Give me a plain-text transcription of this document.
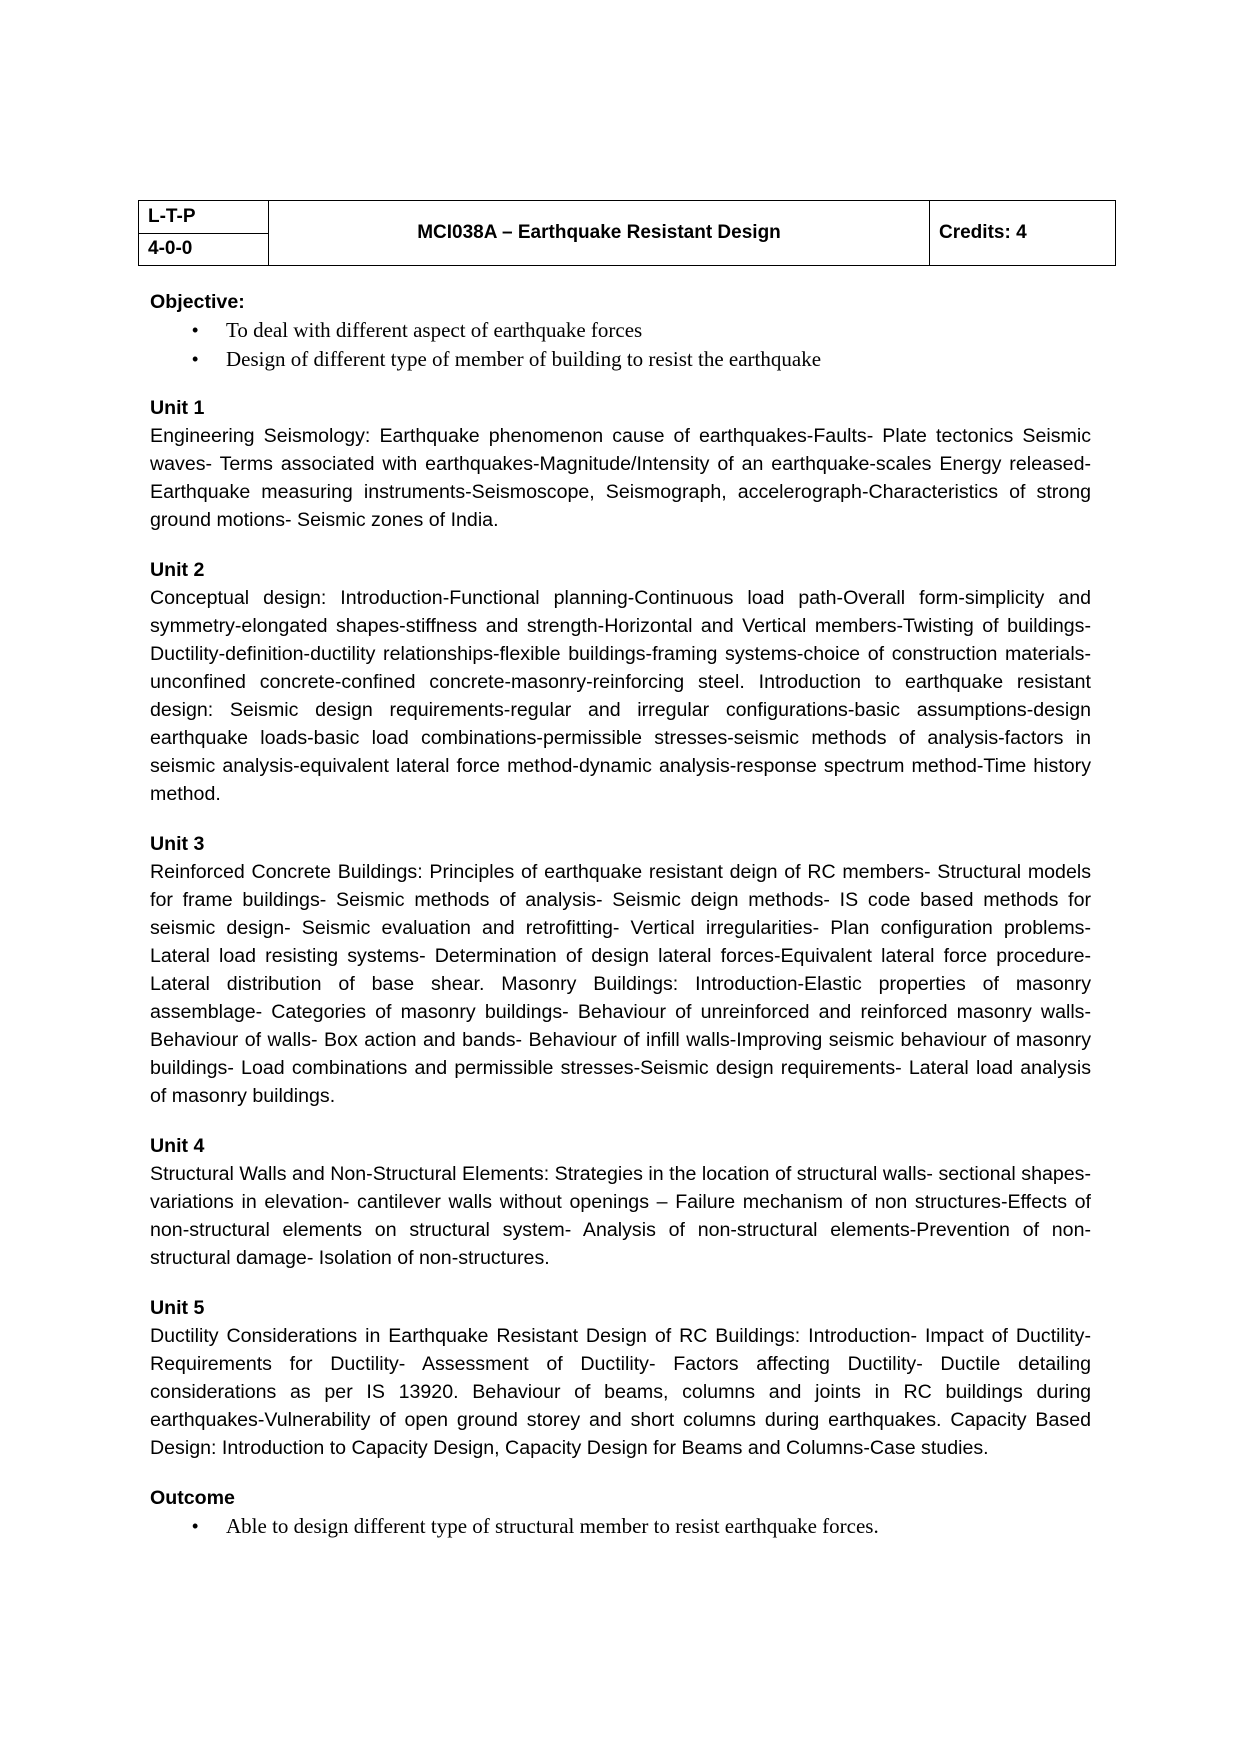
L-T-P	MCI038A – Earthquake Resistant Design	Credits: 4
4-0-0

Objective:

• To deal with different aspect of earthquake forces
• Design of different type of member of building to resist the earthquake

Unit 1

Engineering Seismology: Earthquake phenomenon cause of earthquakes-Faults- Plate tectonics Seismic waves- Terms associated with earthquakes-Magnitude/Intensity of an earthquake-scales Energy released-Earthquake measuring instruments-Seismoscope, Seismograph, accelerograph-Characteristics of strong ground motions- Seismic zones of India.

Unit 2

Conceptual design: Introduction-Functional planning-Continuous load path-Overall form-simplicity and symmetry-elongated shapes-stiffness and strength-Horizontal and Vertical members-Twisting of buildings-Ductility-definition-ductility relationships-flexible buildings-framing systems-choice of construction materials-unconfined concrete-confined concrete-masonry-reinforcing steel. Introduction to earthquake resistant design: Seismic design requirements-regular and irregular configurations-basic assumptions-design earthquake loads-basic load combinations-permissible stresses-seismic methods of analysis-factors in seismic analysis-equivalent lateral force method-dynamic analysis-response spectrum method-Time history method.

Unit 3

Reinforced Concrete Buildings: Principles of earthquake resistant deign of RC members- Structural models for frame buildings- Seismic methods of analysis- Seismic deign methods- IS code based methods for seismic design- Seismic evaluation and retrofitting- Vertical irregularities- Plan configuration problems- Lateral load resisting systems- Determination of design lateral forces-Equivalent lateral force procedure- Lateral distribution of base shear. Masonry Buildings: Introduction-Elastic properties of masonry assemblage- Categories of masonry buildings- Behaviour of unreinforced and reinforced masonry walls- Behaviour of walls- Box action and bands- Behaviour of infill walls-Improving seismic behaviour of masonry buildings- Load combinations and permissible stresses-Seismic design requirements- Lateral load analysis of masonry buildings.

Unit 4

Structural Walls and Non-Structural Elements: Strategies in the location of structural walls- sectional shapes- variations in elevation- cantilever walls without openings – Failure mechanism of non structures-Effects of non-structural elements on structural system- Analysis of non-structural elements-Prevention of non-structural damage- Isolation of non-structures.

Unit 5

Ductility Considerations in Earthquake Resistant Design of RC Buildings: Introduction- Impact of Ductility- Requirements for Ductility- Assessment of Ductility- Factors affecting Ductility- Ductile detailing considerations as per IS 13920. Behaviour of beams, columns and joints in RC buildings during earthquakes-Vulnerability of open ground storey and short columns during earthquakes. Capacity Based Design: Introduction to Capacity Design, Capacity Design for Beams and Columns-Case studies.

Outcome

• Able to design different type of structural member to resist earthquake forces.
